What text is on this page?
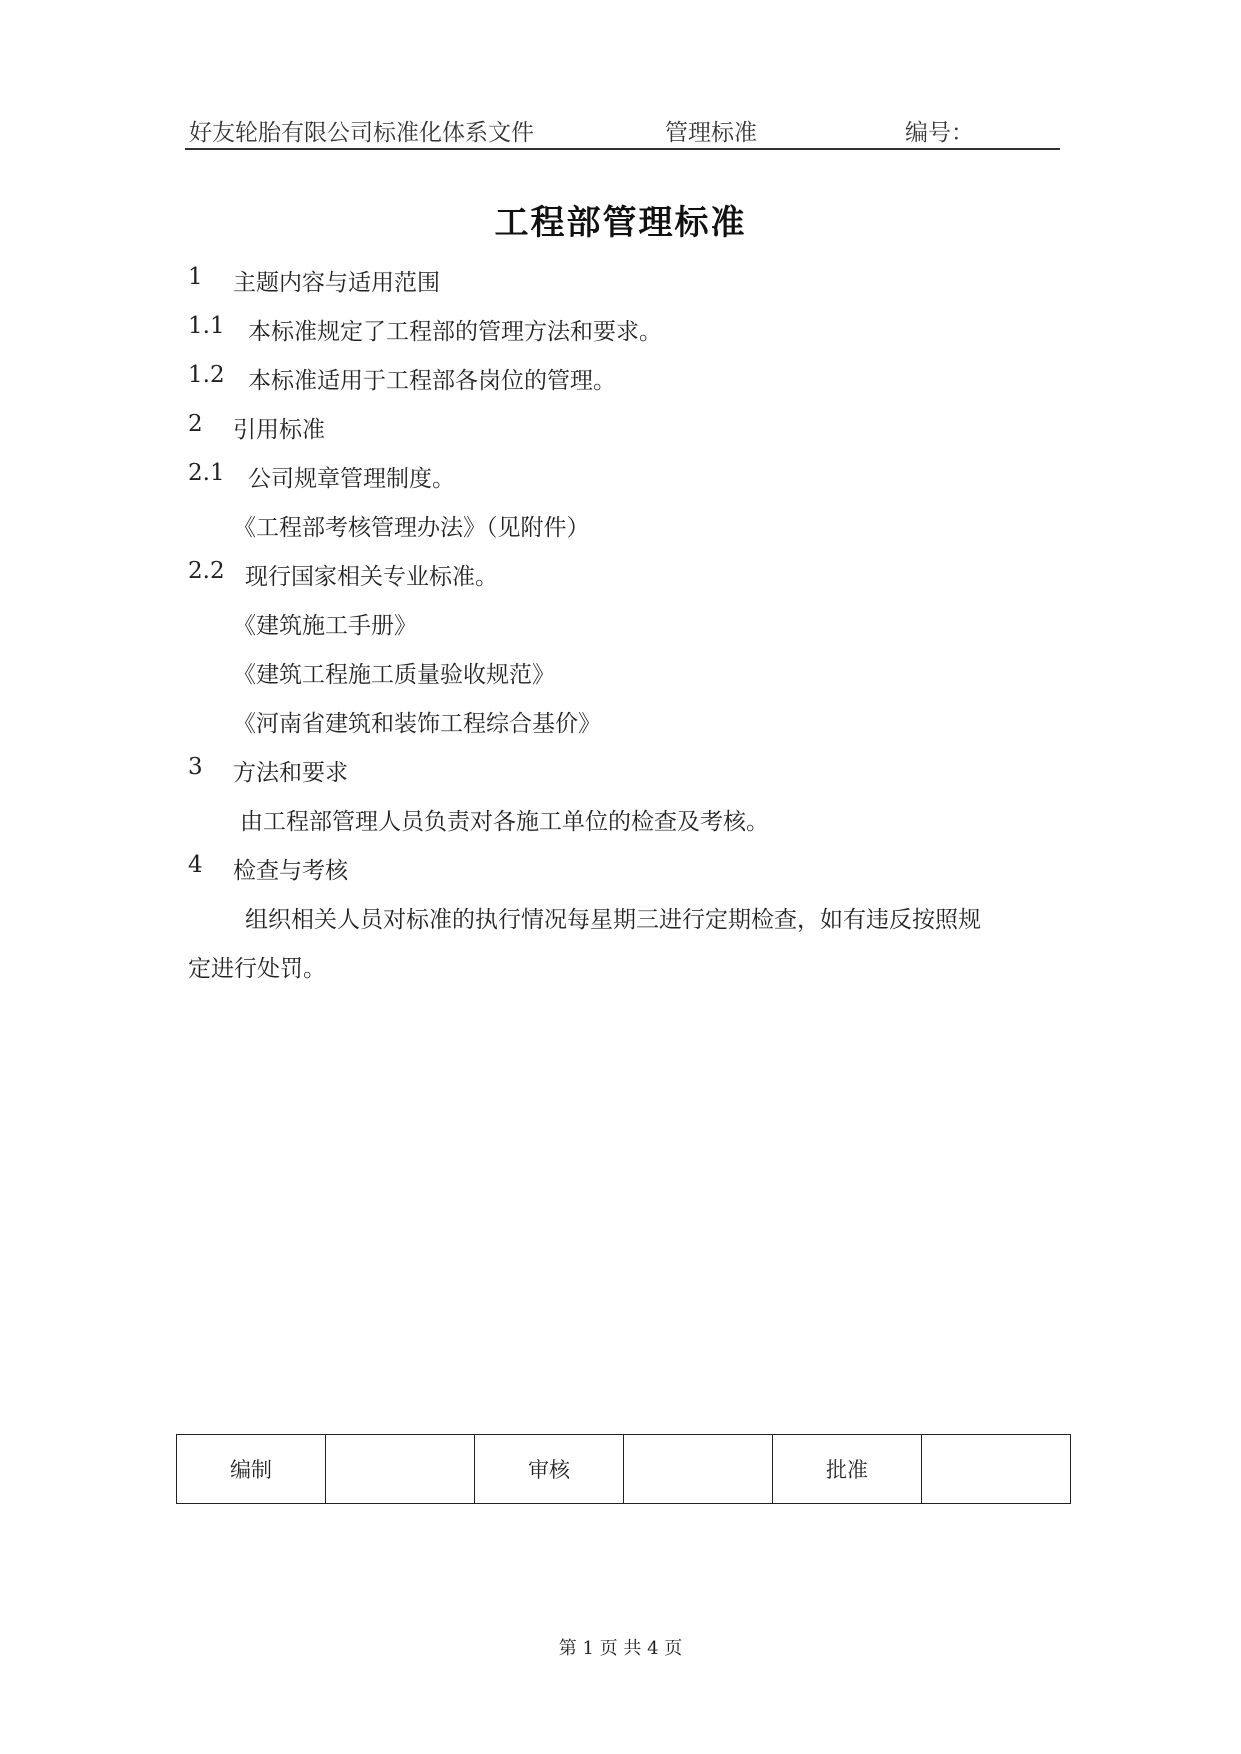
好友轮胎有限公司标准化体系文件	管理标准	编号：
工程部管理标准
1 主题内容与适用范围
1.1 本标准规定了工程部的管理方法和要求。
1.2 本标准适用于工程部各岗位的管理。
2 引用标准
2.1 公司规章管理制度。
《工程部考核管理办法》（见附件）
2.2 现行国家相关专业标准。
《建筑施工手册》
《建筑工程施工质量验收规范》
《河南省建筑和装饰工程综合基价》
3 方法和要求
由工程部管理人员负责对各施工单位的检查及考核。
4 检查与考核
组织相关人员对标准的执行情况每星期三进行定期检查，如有违反按照规
定进行处罚。
编制		审核		批准	
第 1 页 共 4 页
